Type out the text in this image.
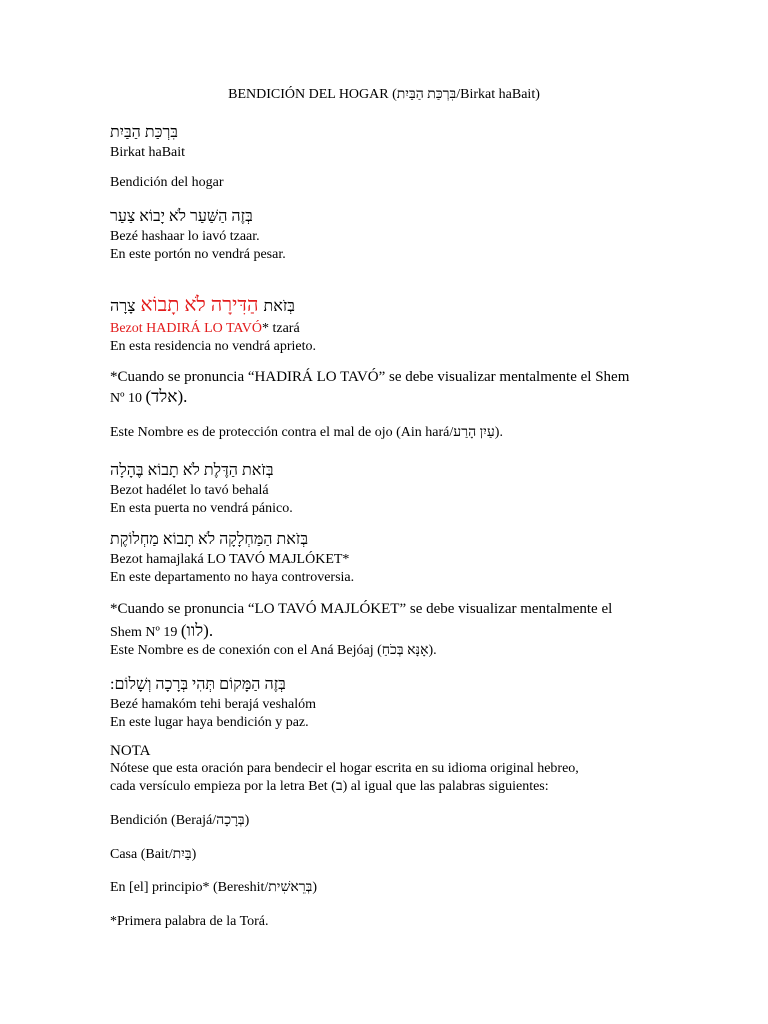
BENDICIÓN DEL HOGAR (בִּרְכַּת הַבַּיִת/Birkat haBait)
בִּרְכַּת הַבַּיִת
Birkat haBait
Bendición del hogar
בְּזֶה הַשַּׁעַר לֹא יָבוֹא צַעַר
Bezé hashaar lo iavó tzaar.
En este portón no vendrá pesar.
בְּזֹאת הַדִּירָה לֹא תָבוֹא צָרָה
Bezot HADIRÁ LO TAVÓ* tzará
En esta residencia no vendrá aprieto.
*Cuando se pronuncia “HADIRÁ LO TAVÓ” se debe visualizar mentalmente el Shem
Nº 10 (אלד).
Este Nombre es de protección contra el mal de ojo (Ain hará/עַיִן הָרַע).
בְּזֹאת הַדֶּלֶת לֹא תָבוֹא בֶּהָלָה
Bezot hadélet lo tavó behalá
En esta puerta no vendrá pánico.
בְּזֹאת הַמַּחְלָקָה לֹא תָבוֹא מַחְלוֹקֶת
Bezot hamajlaká LO TAVÓ MAJLÓKET*
En este departamento no haya controversia.
*Cuando se pronuncia “LO TAVÓ MAJLÓKET” se debe visualizar mentalmente el
Shem Nº 19 (לוו).
Este Nombre es de conexión con el Aná Bejóaj (אָנָּא בְּכֹחַ).
בְּזֶה הַמָּקוֹם תְּהִי בְּרָכָה וְשָׁלוֹם:
Bezé hamakóm tehi berajá veshalóm
En este lugar haya bendición y paz.
NOTA
Nótese que esta oración para bendecir el hogar escrita en su idioma original hebreo,
cada versículo empieza por la letra Bet (ב) al igual que las palabras siguientes:
Bendición (Berajá/בְּרָכָה)
Casa (Bait/בַּיִת)
En [el] principio* (Bereshit/בְּרֵאשִׁית)
*Primera palabra de la Torá.
